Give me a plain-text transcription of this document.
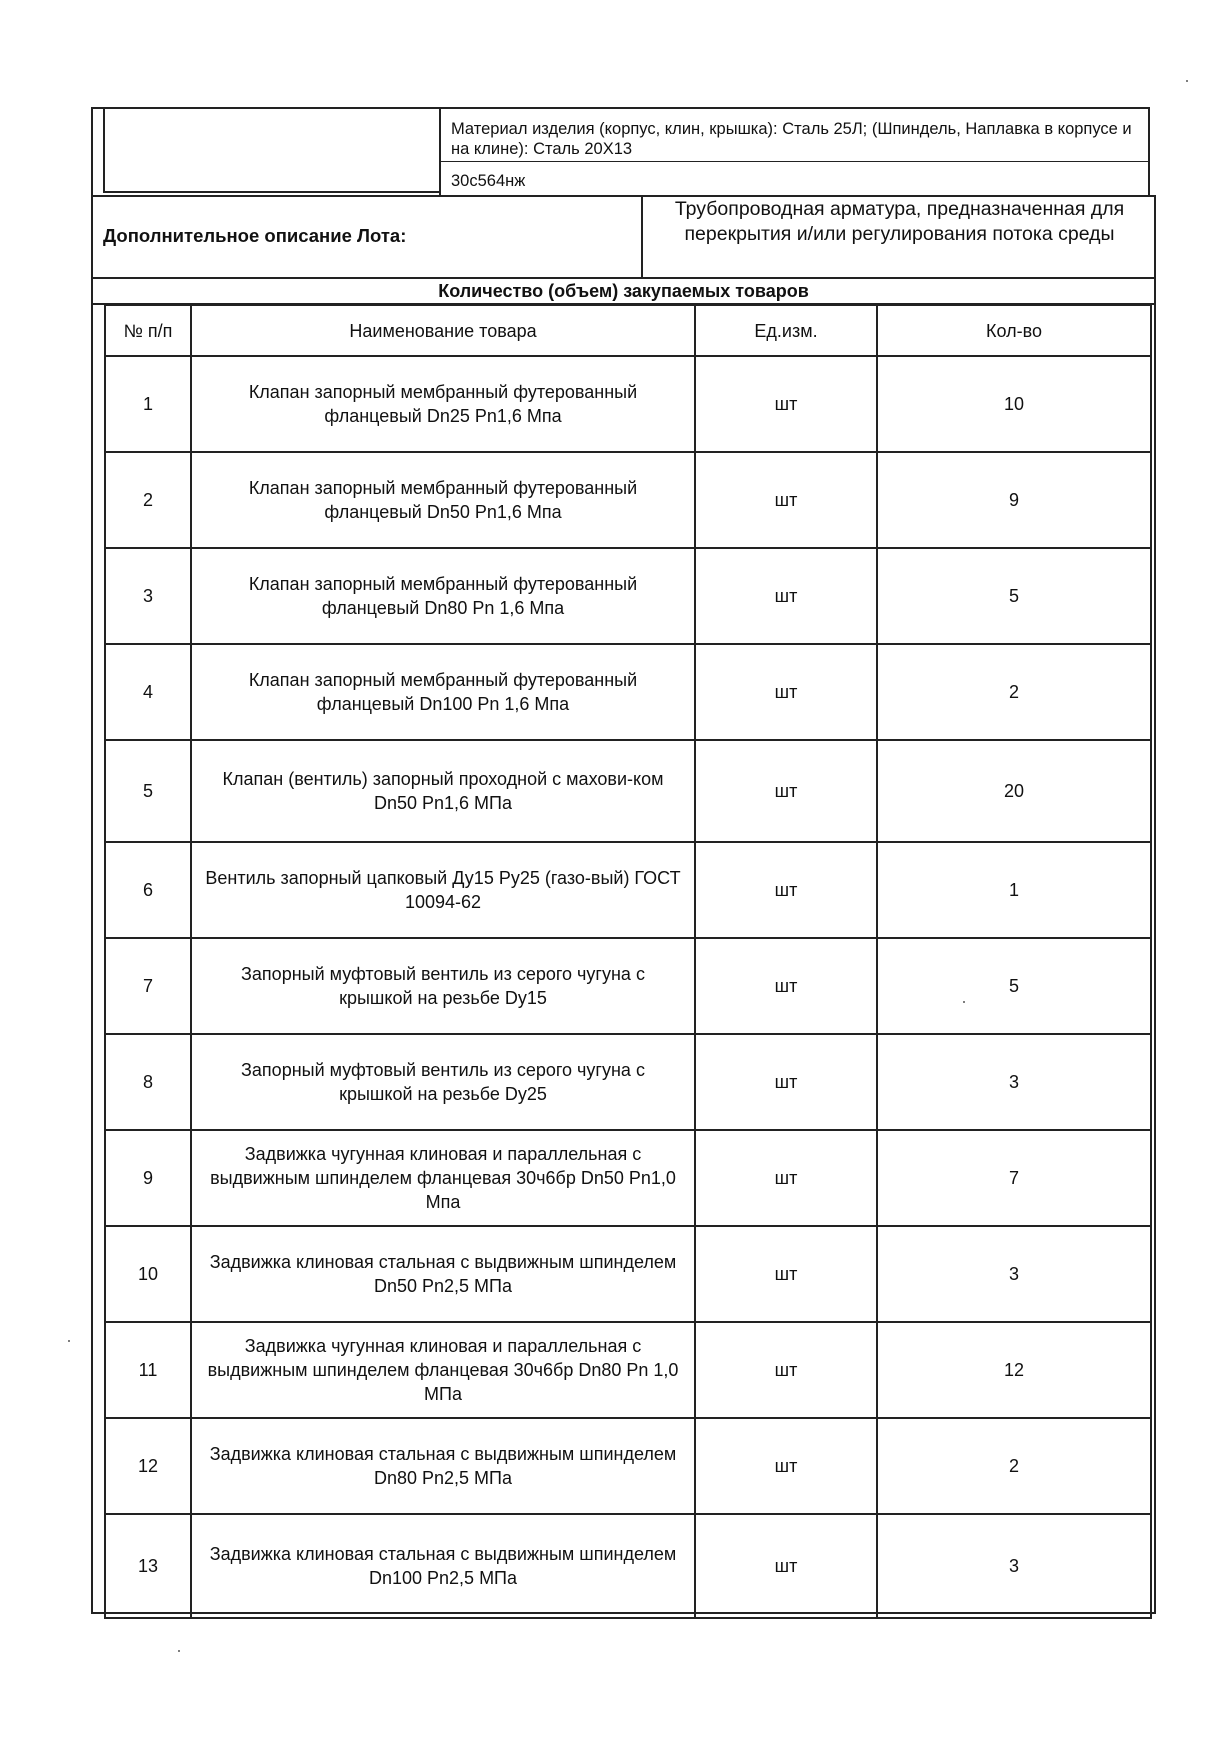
Материал изделия (корпус, клин, крышка): Сталь 25Л; (Шпиндель, Наплавка в корпусе и на клине): Сталь 20Х13
30с564нж
Дополнительное описание Лота:
Трубопроводная арматура, предназначенная для перекрытия и/или регулирования потока среды
Количество (объем) закупаемых товаров
№ п/п	Наименование товара	Ед.изм.	Кол-во
1	Клапан запорный мембранный футерованный фланцевый Dn25 Pn1,6 Мпа	шт	10
2	Клапан запорный мембранный футерованный фланцевый Dn50 Pn1,6 Мпа	шт	9
3	Клапан запорный мембранный футерованный фланцевый Dn80 Pn 1,6 Мпа	шт	5
4	Клапан запорный мембранный футерованный фланцевый Dn100 Pn 1,6 Мпа	шт	2
5	Клапан (вентиль) запорный проходной с махови-ком Dn50 Pn1,6 МПа	шт	20
6	Вентиль запорный цапковый Ду15 Ру25 (газо-вый) ГОСТ 10094-62	шт	1
7	Запорный муфтовый вентиль из серого чугуна с крышкой на резьбе Dy15	шт	5
8	Запорный муфтовый вентиль из серого чугуна с крышкой на резьбе Dy25	шт	3
9	Задвижка чугунная клиновая и параллельная с выдвижным шпинделем фланцевая 30ч6бр Dn50 Pn1,0 Мпа	шт	7
10	Задвижка клиновая стальная с выдвижным шпинделем Dn50 Pn2,5 МПа	шт	3
11	Задвижка чугунная клиновая и параллельная с выдвижным шпинделем фланцевая 30ч6бр Dn80 Pn 1,0 МПа	шт	12
12	Задвижка клиновая стальная с выдвижным шпинделем Dn80 Pn2,5 МПа	шт	2
13	Задвижка клиновая стальная с выдвижным шпинделем Dn100 Pn2,5 МПа	шт	3
